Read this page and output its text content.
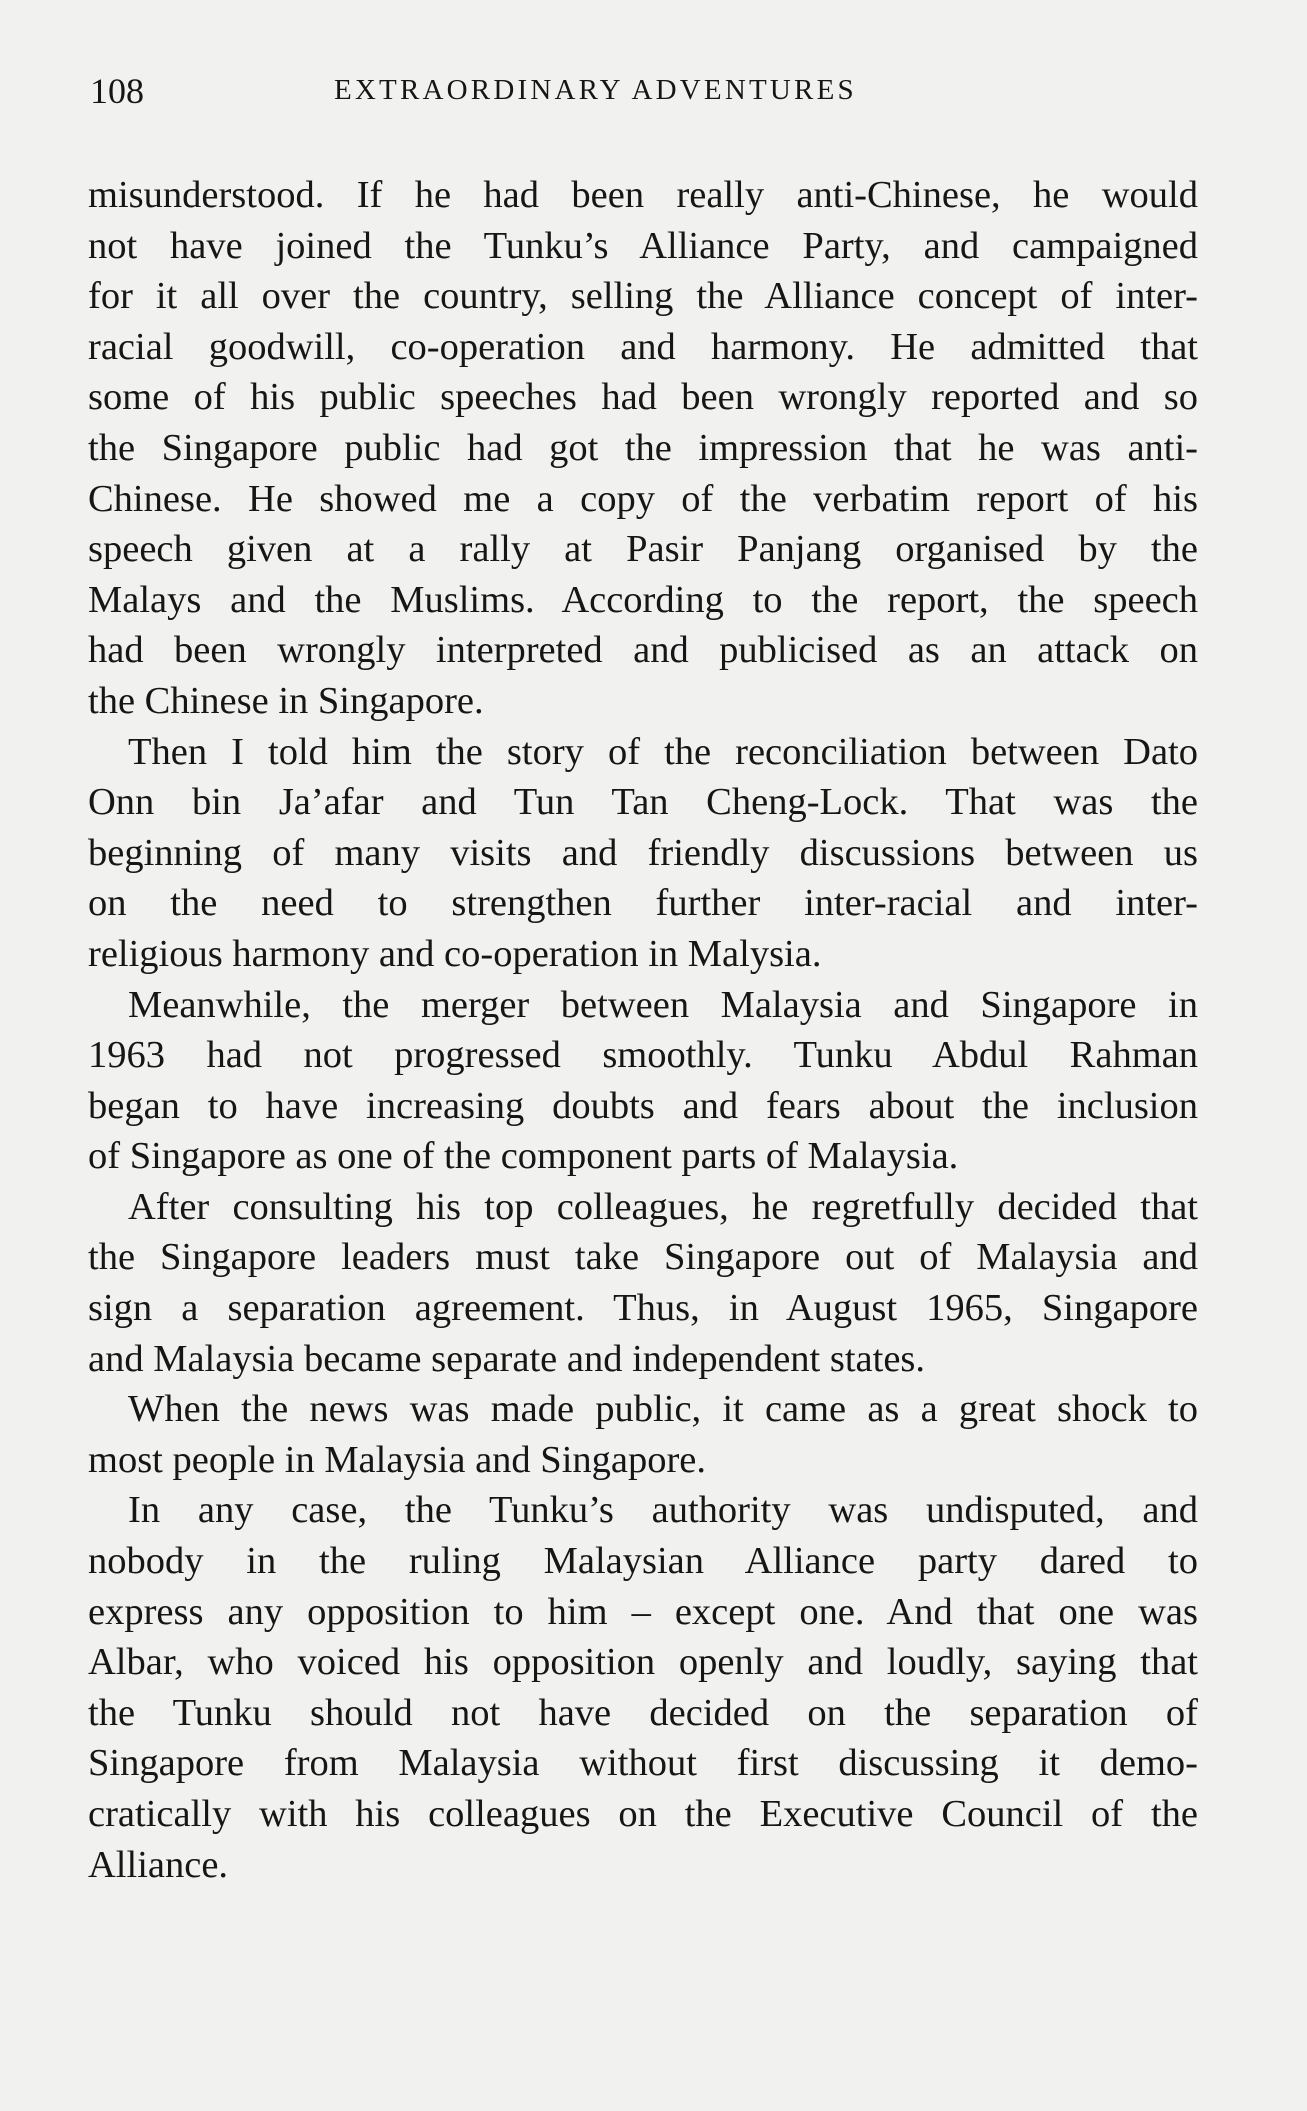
108	EXTRAORDINARY ADVENTURES
misunderstood. If he had been really anti-Chinese, he would
not have joined the Tunku’s Alliance Party, and campaigned
for it all over the country, selling the Alliance concept of inter-
racial goodwill, co-operation and harmony. He admitted that
some of his public speeches had been wrongly reported and so
the Singapore public had got the impression that he was anti-
Chinese. He showed me a copy of the verbatim report of his
speech given at a rally at Pasir Panjang organised by the
Malays and the Muslims. According to the report, the speech
had been wrongly interpreted and publicised as an attack on
the Chinese in Singapore.
Then I told him the story of the reconciliation between Dato
Onn bin Ja’afar and Tun Tan Cheng-Lock. That was the
beginning of many visits and friendly discussions between us
on the need to strengthen further inter-racial and inter-
religious harmony and co-operation in Malysia.
Meanwhile, the merger between Malaysia and Singapore in
1963 had not progressed smoothly. Tunku Abdul Rahman
began to have increasing doubts and fears about the inclusion
of Singapore as one of the component parts of Malaysia.
After consulting his top colleagues, he regretfully decided that
the Singapore leaders must take Singapore out of Malaysia and
sign a separation agreement. Thus, in August 1965, Singapore
and Malaysia became separate and independent states.
When the news was made public, it came as a great shock to
most people in Malaysia and Singapore.
In any case, the Tunku’s authority was undisputed, and
nobody in the ruling Malaysian Alliance party dared to
express any opposition to him – except one. And that one was
Albar, who voiced his opposition openly and loudly, saying that
the Tunku should not have decided on the separation of
Singapore from Malaysia without first discussing it demo-
cratically with his colleagues on the Executive Council of the
Alliance.
